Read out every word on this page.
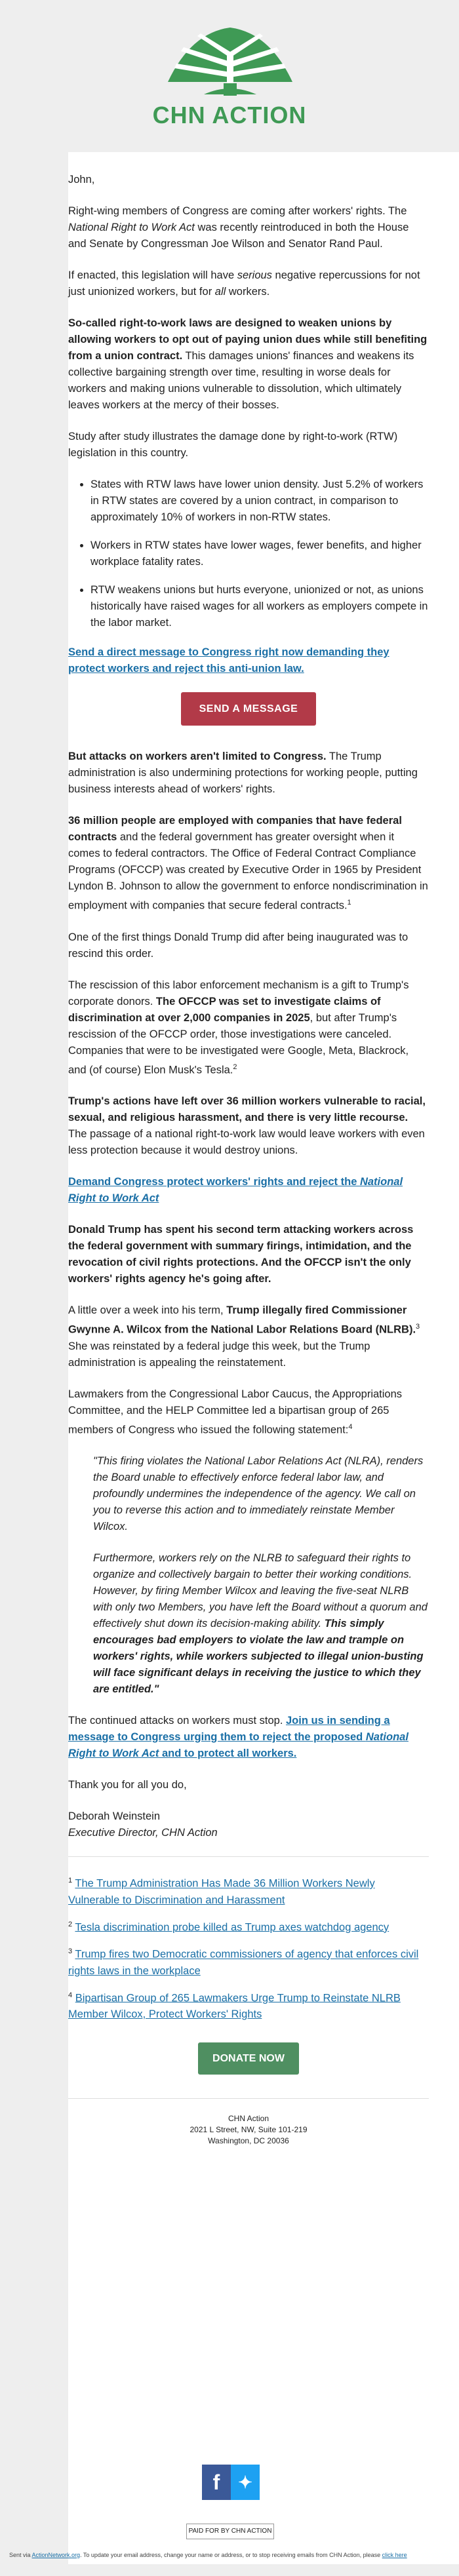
CHN ACTION

John,

Right-wing members of Congress are coming after workers' rights. The National Right to Work Act was recently reintroduced in both the House and Senate by Congressman Joe Wilson and Senator Rand Paul.

If enacted, this legislation will have serious negative repercussions for not just unionized workers, but for all workers.

So-called right-to-work laws are designed to weaken unions by allowing workers to opt out of paying union dues while still benefiting from a union contract. This damages unions' finances and weakens its collective bargaining strength over time, resulting in worse deals for workers and making unions vulnerable to dissolution, which ultimately leaves workers at the mercy of their bosses.

Study after study illustrates the damage done by right-to-work (RTW) legislation in this country.

• States with RTW laws have lower union density. Just 5.2% of workers in RTW states are covered by a union contract, in comparison to approximately 10% of workers in non-RTW states.
• Workers in RTW states have lower wages, fewer benefits, and higher workplace fatality rates.
• RTW weakens unions but hurts everyone, unionized or not, as unions historically have raised wages for all workers as employers compete in the labor market.

Send a direct message to Congress right now demanding they protect workers and reject this anti-union law.

SEND A MESSAGE

But attacks on workers aren't limited to Congress. The Trump administration is also undermining protections for working people, putting business interests ahead of workers' rights.

36 million people are employed with companies that have federal contracts and the federal government has greater oversight when it comes to federal contractors. The Office of Federal Contract Compliance Programs (OFCCP) was created by Executive Order in 1965 by President Lyndon B. Johnson to allow the government to enforce nondiscrimination in employment with companies that secure federal contracts.$^1$

One of the first things Donald Trump did after being inaugurated was to rescind this order.

The rescission of this labor enforcement mechanism is a gift to Trump's corporate donors. The OFCCP was set to investigate claims of discrimination at over 2,000 companies in 2025, but after Trump's rescission of the OFCCP order, those investigations were canceled. Companies that were to be investigated were Google, Meta, Blackrock, and (of course) Elon Musk's Tesla.$^2$

Trump's actions have left over 36 million workers vulnerable to racial, sexual, and religious harassment, and there is very little recourse. The passage of a national right-to-work law would leave workers with even less protection because it would destroy unions.

Demand Congress protect workers' rights and reject the National Right to Work Act

Donald Trump has spent his second term attacking workers across the federal government with summary firings, intimidation, and the revocation of civil rights protections. And the OFCCP isn't the only workers' rights agency he's going after.

A little over a week into his term, Trump illegally fired Commissioner Gwynne A. Wilcox from the National Labor Relations Board (NLRB).$^3$ She was reinstated by a federal judge this week, but the Trump administration is appealing the reinstatement.

Lawmakers from the Congressional Labor Caucus, the Appropriations Committee, and the HELP Committee led a bipartisan group of 265 members of Congress who issued the following statement:$^4$

"This firing violates the National Labor Relations Act (NLRA), renders the Board unable to effectively enforce federal labor law, and profoundly undermines the independence of the agency. We call on you to reverse this action and to immediately reinstate Member Wilcox.

Furthermore, workers rely on the NLRB to safeguard their rights to organize and collectively bargain to better their working conditions. However, by firing Member Wilcox and leaving the five-seat NLRB with only two Members, you have left the Board without a quorum and effectively shut down its decision-making ability. This simply encourages bad employers to violate the law and trample on workers' rights, while workers subjected to illegal union-busting will face significant delays in receiving the justice to which they are entitled."

The continued attacks on workers must stop. Join us in sending a message to Congress urging them to reject the proposed National Right to Work Act and to protect all workers.

Thank you for all you do,

Deborah Weinstein
Executive Director, CHN Action

$^1$ The Trump Administration Has Made 36 Million Workers Newly Vulnerable to Discrimination and Harassment
$^2$ Tesla discrimination probe killed as Trump axes watchdog agency
$^3$ Trump fires two Democratic commissioners of agency that enforces civil rights laws in the workplace
$^4$ Bipartisan Group of 265 Lawmakers Urge Trump to Reinstate NLRB Member Wilcox, Protect Workers' Rights
DONATE NOW
CHN Action
2021 L Street, NW, Suite 101-219
Washington, DC 20036
f	✦
PAID FOR BY CHN ACTION
Sent via ActionNetwork.org. To update your email address, change your name or address, or to stop receiving emails from CHN Action, please click here
